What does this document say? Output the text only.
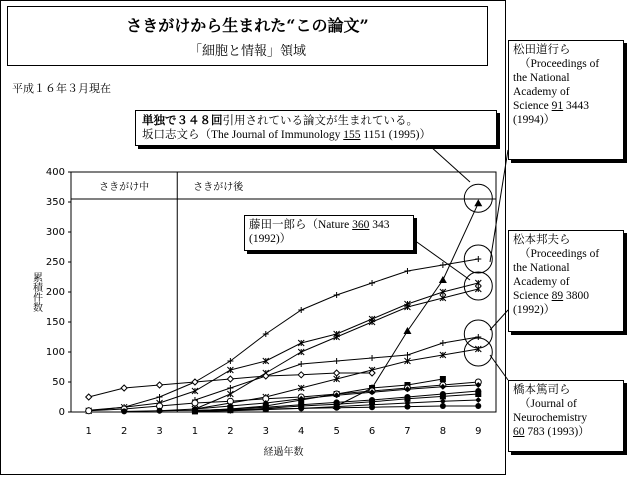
さきがけから生まれた“この論文”
「細胞と情報」領域
平成１６年３月現在
さきがけ中	さきがけ後
0
50
100
150
200
250
300
350
400
1	2	3	1	2	3	4	5	6	7	8	9
経過年数
累積件数
単独で３４８回引用されている論文が生まれている。
坂口志文ら（The Journal of Immunology 155 1151 (1995)）
藤田一郎ら（Nature 360 343
(1992)）
松田道行ら
（Proceedings of
the National
Academy of
Science 91 3443
(1994)）
松本邦夫ら
（Proceedings of
the National
Academy of
Science 89 3800
(1992)）
橋本篤司ら
（Journal of
Neurochemistry
60 783 (1993)）
